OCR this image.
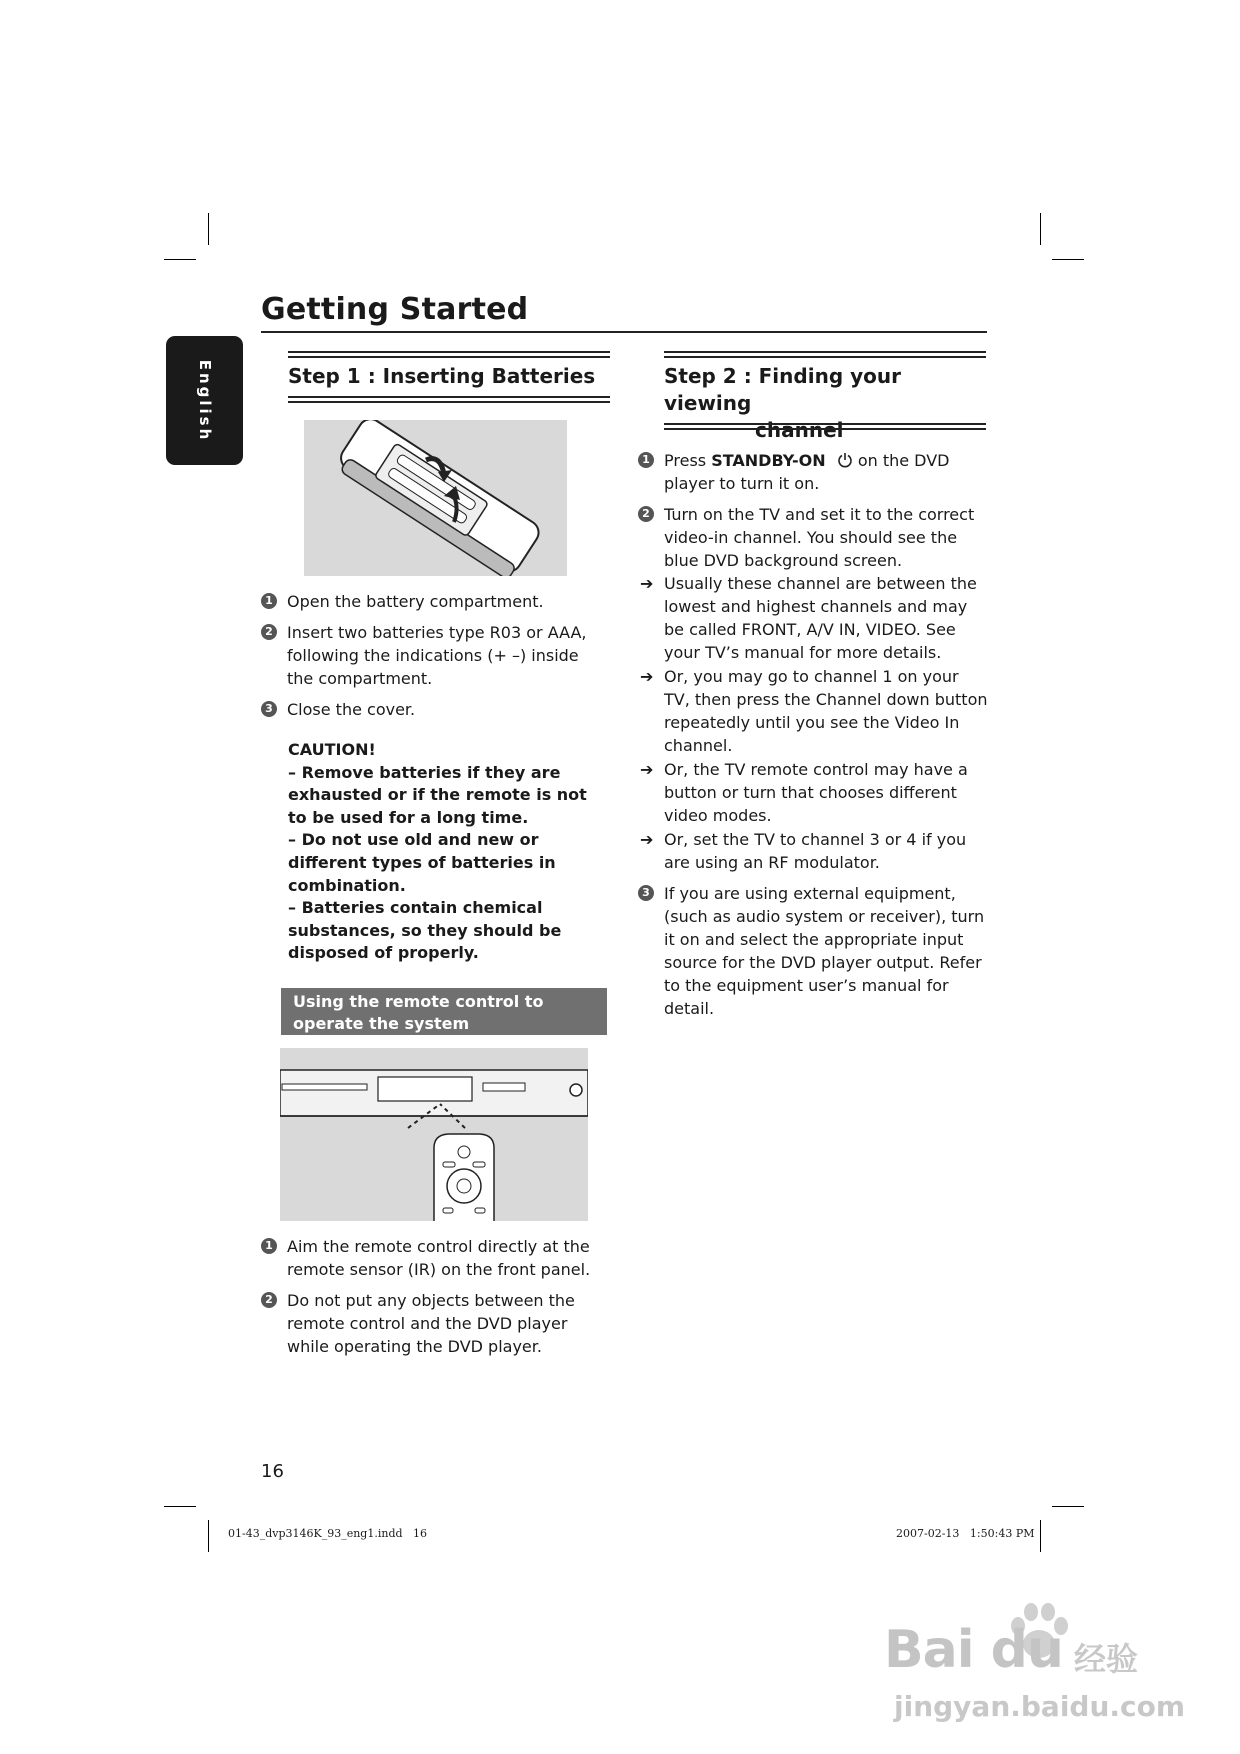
English
Getting Started
Step 1 : Inserting Batteries
1 Open the battery compartment.
2 Insert two batteries type R03 or AAA, following the indications (+ –) inside the compartment.
3 Close the cover.
CAUTION!
– Remove batteries if they are exhausted or if the remote is not to be used for a long time.
– Do not use old and new or different types of batteries in combination.
– Batteries contain chemical substances, so they should be disposed of properly.
Using the remote control to operate the system
1 Aim the remote control directly at the remote sensor (IR) on the front panel.
2 Do not put any objects between the remote control and the DVD player while operating the DVD player.
Step 2 : Finding your viewing
channel
1 Press STANDBY-ON  on the DVD player to turn it on.
2 Turn on the TV and set it to the correct video-in channel. You should see the blue DVD background screen.
➔ Usually these channel are between the lowest and highest channels and may be called FRONT, A/V IN, VIDEO. See your TV’s manual for more details.
➔ Or, you may go to channel 1 on your TV, then press the Channel down button repeatedly until you see the Video In channel.
➔ Or, the TV remote control may have a button or turn that chooses different video modes.
➔ Or, set the TV to channel 3 or 4 if you are using an RF modulator.
3 If you are using external equipment, (such as audio system or receiver), turn it on and select the appropriate input source for the DVD player output. Refer to the equipment user’s manual for detail.
16
01-43_dvp3146K_93_eng1.indd   16	2007-02-13   1:50:43 PM
Bai du 经验
jingyan.baidu.com
